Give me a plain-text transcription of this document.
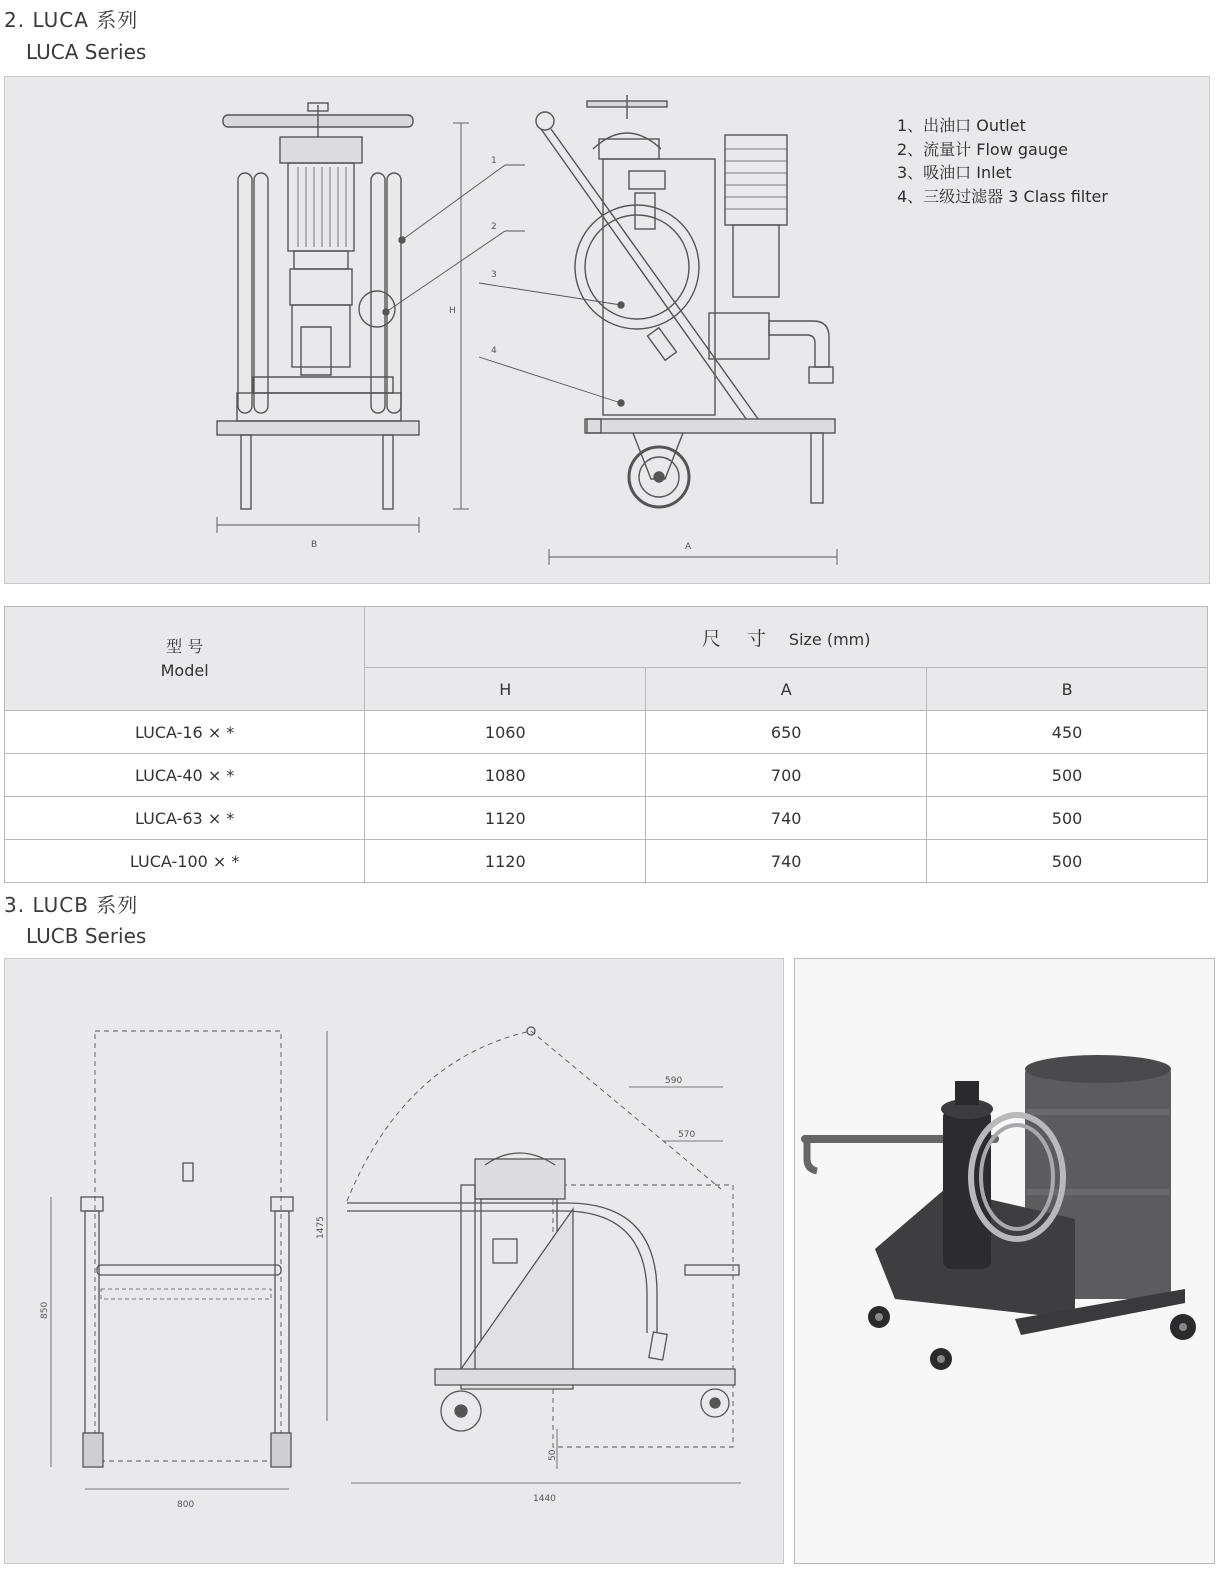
2. LUCA 系列
LUCA Series
B
H
1
2
A
3
4
1、出油口 Outlet
2、流量计 Flow gauge
3、吸油口 Inlet
4、三级过滤器 3 Class filter
型 号
Model	尺 寸 Size (mm)		
	H	A	B
LUCA-16 × *	1060	650	450
LUCA-40 × *	1080	700	500
LUCA-63 × *	1120	740	500
LUCA-100 × *	1120	740	500
3. LUCB 系列
LUCB Series
800
850
590
570
1475
50
1440
